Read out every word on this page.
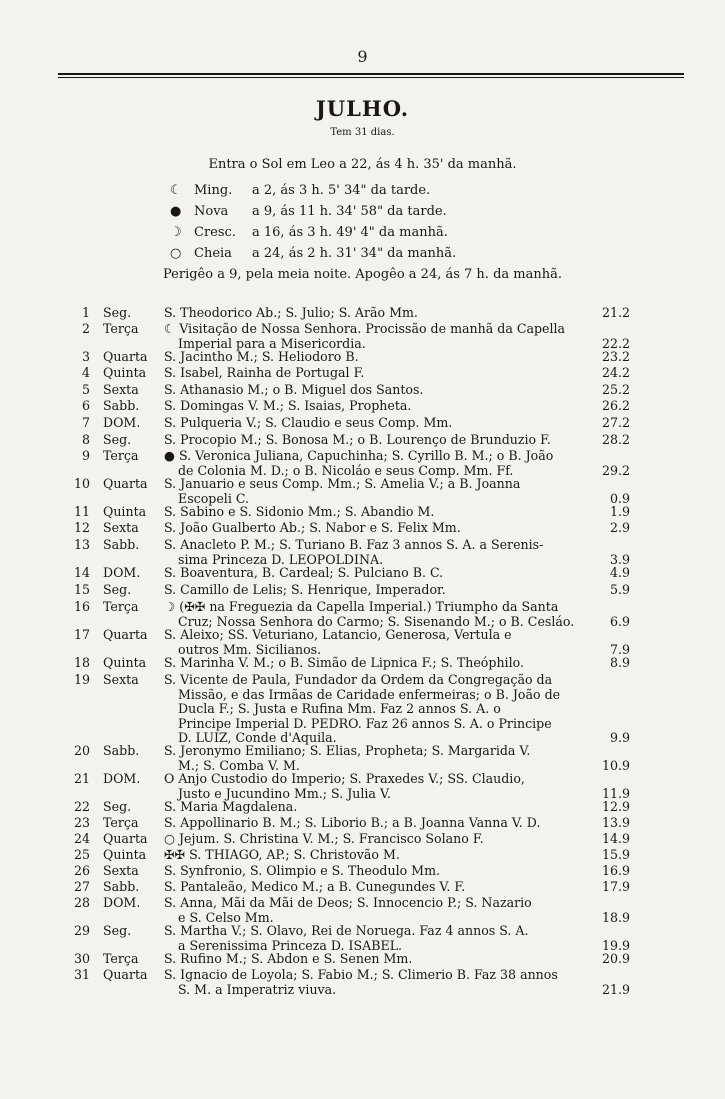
9
JULHO.
Tem 31 dias.
Entra o Sol em Leo a 22, ás 4 h. 35' da manhã.
☾ Ming. a 2, ás 3 h. 5' 34" da tarde.
● Nova a 9, ás 11 h. 34' 58" da tarde.
☽ Cresc. a 16, ás 3 h. 49' 4" da manhã.
○ Cheia a 24, ás 2 h. 31' 34" da manhã.
Perigêo a 9, pela meia noite. Apogêo a 24, ás 7 h. da manhã.
1 Seg.	S. Theodorico Ab.; S. Julio; S. Arão Mm.	21.2
2 Terça ☾ Visitação de Nossa Senhora. Procissão de manhã da Capella
Imperial para a Misericordia.	22.2
3 Quarta S. Jacintho M.; S. Heliodoro B.	23.2
4 Quinta S. Isabel, Rainha de Portugal F.	24.2
5 Sexta S. Athanasio M.; o B. Miguel dos Santos.	25.2
6 Sabb. S. Domingas V. M.; S. Isaias, Propheta.	26.2
7 DOM. S. Pulqueria V.; S. Claudio e seus Comp. Mm.	27.2
8 Seg.	S. Procopio M.; S. Bonosa M.; o B. Lourenço de Brunduzio F.	28.2
9 Terça ● S. Veronica Juliana, Capuchinha; S. Cyrillo B. M.; o B. João
de Colonia M. D.; o B. Nicoláo e seus Comp. Mm. Ff.	29.2
10 Quarta S. Januario e seus Comp. Mm.; S. Amelia V.; a B. Joanna
Escopeli C.	0.9
11 Quinta S. Sabino e S. Sidonio Mm.; S. Abandio M.	1.9
12 Sexta S. João Gualberto Ab.; S. Nabor e S. Felix Mm.	2.9
13 Sabb. S. Anacleto P. M.; S. Turiano B. Faz 3 annos S. A. a Serenis-
sima Princeza D. LEOPOLDINA.	3.9
14 DOM. S. Boaventura, B. Cardeal; S. Pulciano B. C.	4.9
15 Seg.	S. Camillo de Lelis; S. Henrique, Imperador.	5.9
16 Terça ☽ (✠✠ na Freguezia da Capella Imperial.) Triumpho da Santa
Cruz; Nossa Senhora do Carmo; S. Sisenando M.; o B. Cesláo.	6.9
17 Quarta S. Aleixo; SS. Veturiano, Latancio, Generosa, Vertula e
outros Mm. Sicilianos.	7.9
18 Quinta S. Marinha V. M.; o B. Simão de Lipnica F.; S. Theóphilo.	8.9
19 Sexta S. Vicente de Paula, Fundador da Ordem da Congregação da
Missão, e das Irmãas de Caridade enfermeiras; o B. João de
Ducla F.; S. Justa e Rufina Mm. Faz 2 annos S. A. o
Principe Imperial D. PEDRO. Faz 26 annos S. A. o Principe
D. LUIZ, Conde d'Aquila.	9.9
20 Sabb. S. Jeronymo Emiliano; S. Elias, Propheta; S. Margarida V.
M.; S. Comba V. M.	10.9
21 DOM. O Anjo Custodio do Imperio; S. Praxedes V.; SS. Claudio,
Justo e Jucundino Mm.; S. Julia V.	11.9
22 Seg.	S. Maria Magdalena.	12.9
23 Terça S. Appollinario B. M.; S. Liborio B.; a B. Joanna Vanna V. D.	13.9
24 Quarta ○ Jejum. S. Christina V. M.; S. Francisco Solano F.	14.9
25 Quinta ✠✠ S. THIAGO, AP.; S. Christovão M.	15.9
26 Sexta S. Synfronio, S. Olimpio e S. Theodulo Mm.	16.9
27 Sabb. S. Pantaleão, Medico M.; a B. Cunegundes V. F.	17.9
28 DOM. S. Anna, Mãi da Mãi de Deos; S. Innocencio P.; S. Nazario
e S. Celso Mm.	18.9
29 Seg.	S. Martha V.; S. Olavo, Rei de Noruega. Faz 4 annos S. A.
a Serenissima Princeza D. ISABEL.	19.9
30 Terça S. Rufino M.; S. Abdon e S. Senen Mm.	20.9
31 Quarta S. Ignacio de Loyola; S. Fabio M.; S. Climerio B. Faz 38 annos
S. M. a Imperatriz viuva.	21.9
